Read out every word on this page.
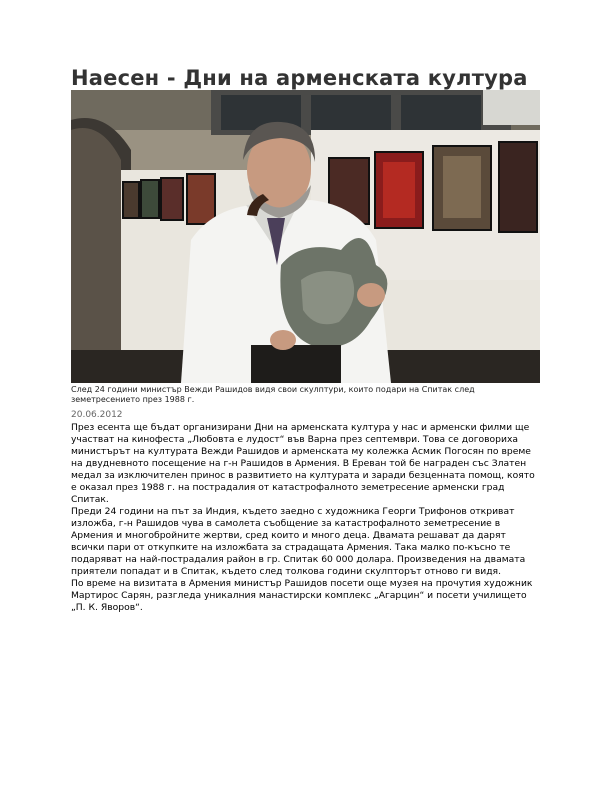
Наесен - Дни на арменската култура
След 24 години министър Вежди Рашидов видя свои скулптури, които подари на Спитак след земетресението през 1988 г.
20.06.2012

През есента ще бъдат организирани Дни на арменската култура у нас и арменски филми ще участват на кинофеста „Любовта е лудост“ във Варна през септември. Това се договориха министърът на културата Вежди Рашидов и арменската му колежка Асмик Погосян по време на двудневното посещение на г-н Рашидов в Армения. В Ереван той бе награден със Златен медал за изключителен принос в развитието на културата и заради безценната помощ, която е оказал през 1988 г. на пострадалия от катастрофалното земетресение арменски град Спитак.

Преди 24 години на път за Индия, където заедно с художника Георги Трифонов откриват изложба, г-н Рашидов чува в самолета съобщение за катастрофалното земетресение в Армения и многобройните жертви, сред които и много деца. Двамата решават да дарят всички пари от откупките на изложбата за страдащата Армения. Така малко по-късно те подаряват на най-пострадалия район в гр. Спитак 60 000 долара. Произведения на двамата приятели попадат и в Спитак, където след толкова години скулпторът отново ги видя.

По време на визитата в Армения министър Рашидов посети още музея на прочутия художник Мартирос Сарян, разгледа уникалния манастирски комплекс „Агарцин“ и посети училището „П. К. Яворов“.
